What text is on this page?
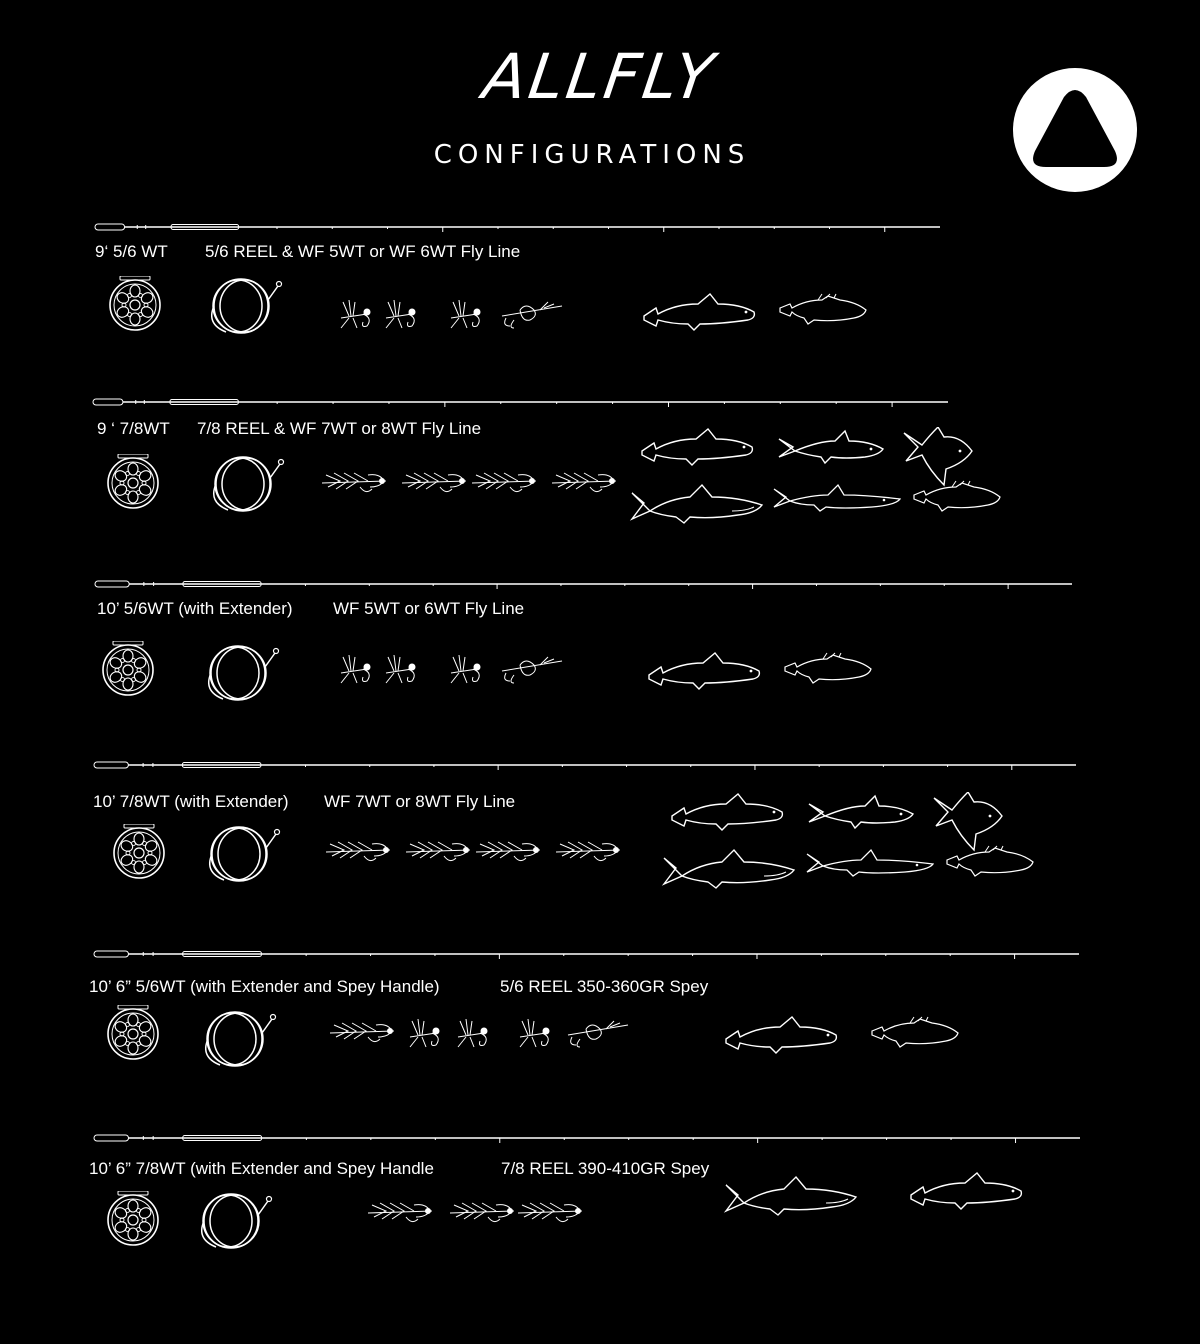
ALLFLY
CONFIGURATIONS
9‘ 5/6 WT 5/6 REEL & WF 5WT or WF 6WT Fly Line
9 ‘ 7/8WT 7/8 REEL & WF 7WT or 8WT Fly Line
10’ 5/6WT (with Extender) WF 5WT or 6WT Fly Line
10’ 7/8WT (with Extender) WF 7WT or 8WT Fly Line
10’ 6” 5/6WT (with Extender and Spey Handle)	5/6 REEL 350-360GR Spey
10’ 6” 7/8WT (with Extender and Spey Handle	7/8 REEL 390-410GR Spey
